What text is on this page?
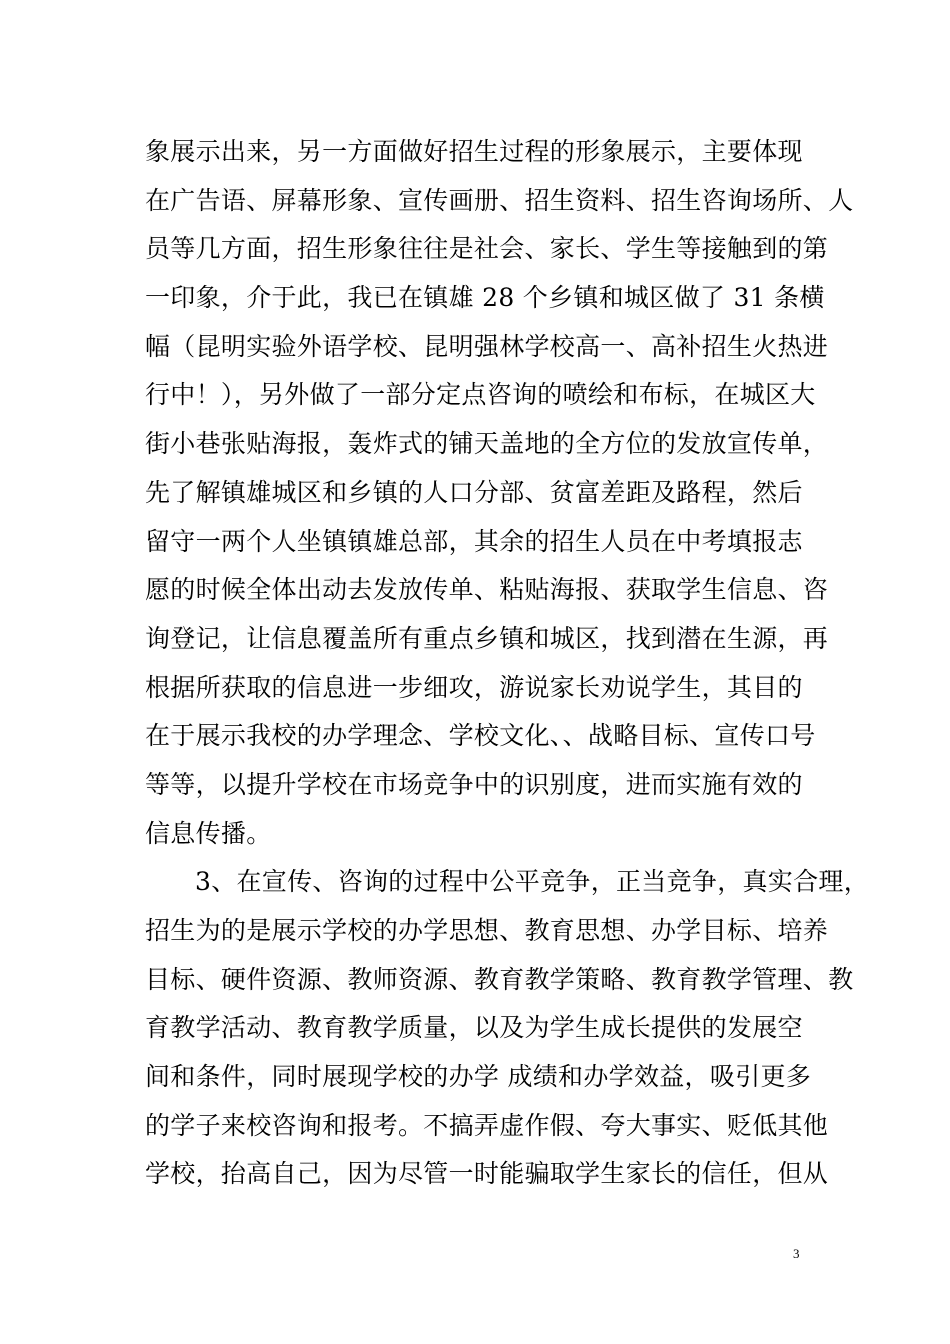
象展示出来，另一方面做好招生过程的形象展示，主要体现
在广告语、屏幕形象、宣传画册、招生资料、招生咨询场所、人
员等几方面，招生形象往往是社会、家长、学生等接触到的第
一印象，介于此，我已在镇雄 28 个乡镇和城区做了 31 条横
幅（昆明实验外语学校、昆明强林学校高一、高补招生火热进
行中！），另外做了一部分定点咨询的喷绘和布标，在城区大
街小巷张贴海报，轰炸式的铺天盖地的全方位的发放宣传单，
先了解镇雄城区和乡镇的人口分部、贫富差距及路程，然后
留守一两个人坐镇镇雄总部，其余的招生人员在中考填报志
愿的时候全体出动去发放传单、粘贴海报、获取学生信息、咨
询登记，让信息覆盖所有重点乡镇和城区，找到潜在生源，再
根据所获取的信息进一步细攻，游说家长劝说学生，其目的
在于展示我校的办学理念、学校文化、、战略目标、宣传口号
等等，以提升学校在市场竞争中的识别度，进而实施有效的
信息传播。
3、在宣传、咨询的过程中公平竞争，正当竞争，真实合理，
招生为的是展示学校的办学思想、教育思想、办学目标、培养
目标、硬件资源、教师资源、教育教学策略、教育教学管理、教
育教学活动、教育教学质量，以及为学生成长提供的发展空
间和条件，同时展现学校的办学 成绩和办学效益，吸引更多
的学子来校咨询和报考。不搞弄虚作假、夸大事实、贬低其他
学校，抬高自己，因为尽管一时能骗取学生家长的信任，但从
3
